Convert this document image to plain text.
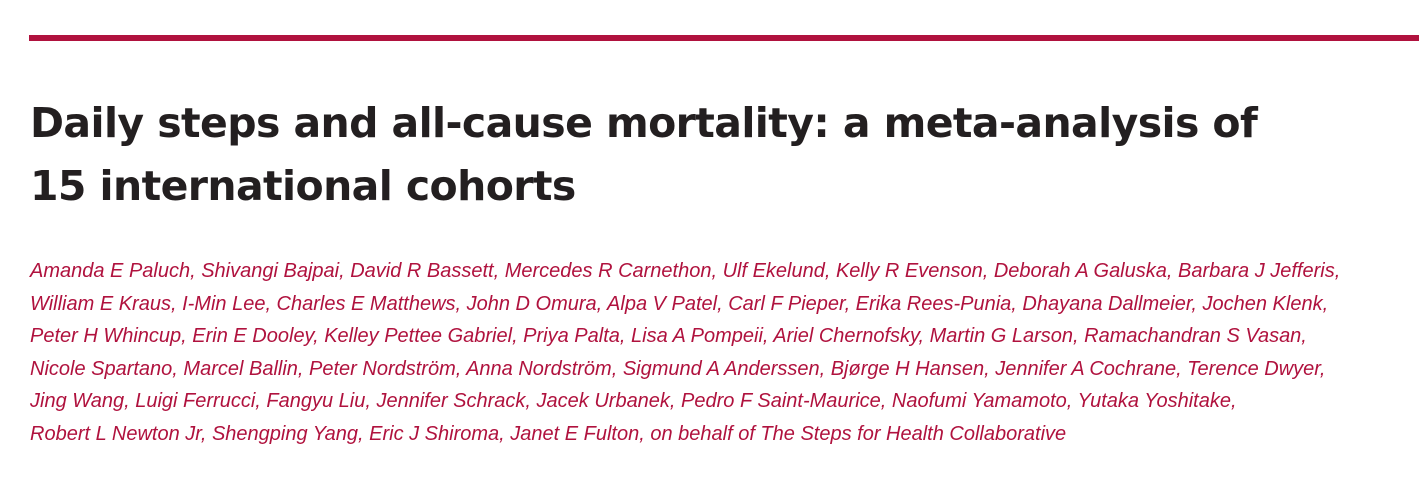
Daily steps and all-cause mortality: a meta-analysis of
15 international cohorts

Amanda E Paluch, Shivangi Bajpai, David R Bassett, Mercedes R Carnethon, Ulf Ekelund, Kelly R Evenson, Deborah A Galuska, Barbara J Jefferis,
William E Kraus, I-Min Lee, Charles E Matthews, John D Omura, Alpa V Patel, Carl F Pieper, Erika Rees-Punia, Dhayana Dallmeier, Jochen Klenk,
Peter H Whincup, Erin E Dooley, Kelley Pettee Gabriel, Priya Palta, Lisa A Pompeii, Ariel Chernofsky, Martin G Larson, Ramachandran S Vasan,
Nicole Spartano, Marcel Ballin, Peter Nordström, Anna Nordström, Sigmund A Anderssen, Bjørge H Hansen, Jennifer A Cochrane, Terence Dwyer,
Jing Wang, Luigi Ferrucci, Fangyu Liu, Jennifer Schrack, Jacek Urbanek, Pedro F Saint-Maurice, Naofumi Yamamoto, Yutaka Yoshitake,
Robert L Newton Jr, Shengping Yang, Eric J Shiroma, Janet E Fulton, on behalf of The Steps for Health Collaborative
